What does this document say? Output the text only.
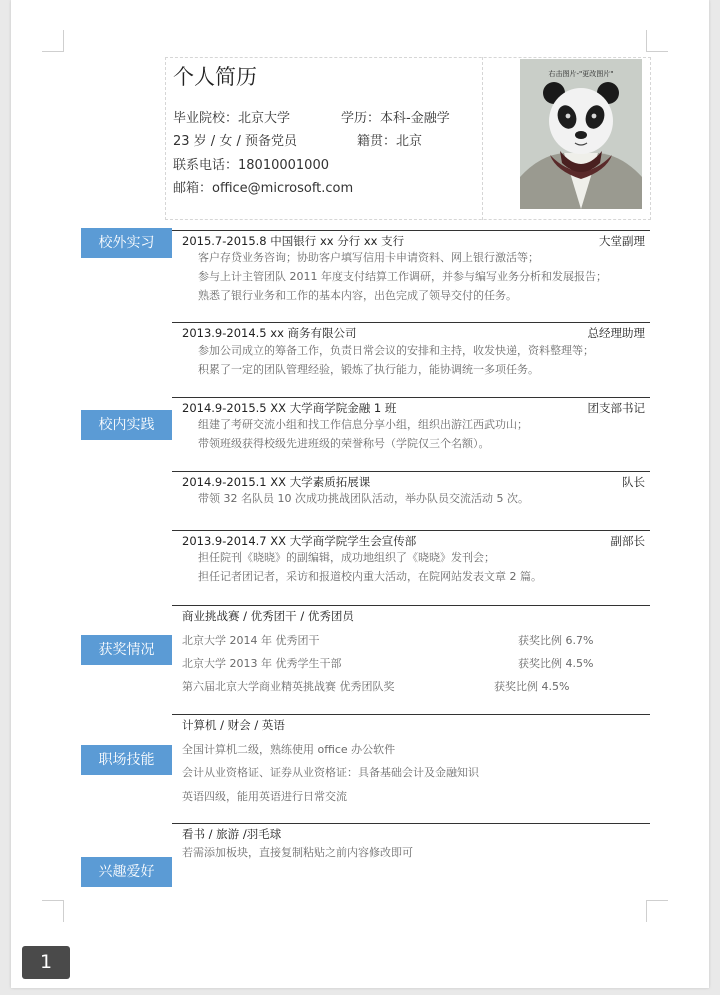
个人简历
毕业院校：北京大学	学历：本科-金融学
23 岁 / 女 / 预备党员	籍贯：北京
联系电话：18010001000
邮箱：office@microsoft.com
右击图片-"更改图片"
校外实习
校内实践
获奖情况
职场技能
兴趣爱好
2015.7-2015.8 中国银行 xx 分行 xx 支行	大堂副理
客户存贷业务咨询；协助客户填写信用卡申请资料、网上银行激活等；
参与上计主管团队 2011 年度支付结算工作调研，并参与编写业务分析和发展报告；
熟悉了银行业务和工作的基本内容，出色完成了领导交付的任务。
2013.9-2014.5 xx 商务有限公司	总经理助理
参加公司成立的筹备工作，负责日常会议的安排和主持，收发快递，资料整理等；
积累了一定的团队管理经验，锻炼了执行能力，能协调统一多项任务。
2014.9-2015.5 XX 大学商学院金融 1 班	团支部书记
组建了考研交流小组和找工作信息分享小组，组织出游江西武功山；
带领班级获得校级先进班级的荣誉称号（学院仅三个名额）。
2014.9-2015.1 XX 大学素质拓展课	队长
带领 32 名队员 10 次成功挑战团队活动，举办队员交流活动 5 次。
2013.9-2014.7 XX 大学商学院学生会宣传部	副部长
担任院刊《晓晓》的副编辑，成功地组织了《晓晓》发刊会；
担任记者团记者，采访和报道校内重大活动，在院网站发表文章 2 篇。
商业挑战赛 / 优秀团干 / 优秀团员
北京大学 2014 年 优秀团干	获奖比例 6.7%
北京大学 2013 年 优秀学生干部	获奖比例 4.5%
第六届北京大学商业精英挑战赛 优秀团队奖	获奖比例 4.5%
计算机 / 财会 / 英语
全国计算机二级，熟练使用 office 办公软件
会计从业资格证、证券从业资格证：具备基础会计及金融知识
英语四级，能用英语进行日常交流
看书 / 旅游 /羽毛球
若需添加板块，直接复制粘贴之前内容修改即可
1
